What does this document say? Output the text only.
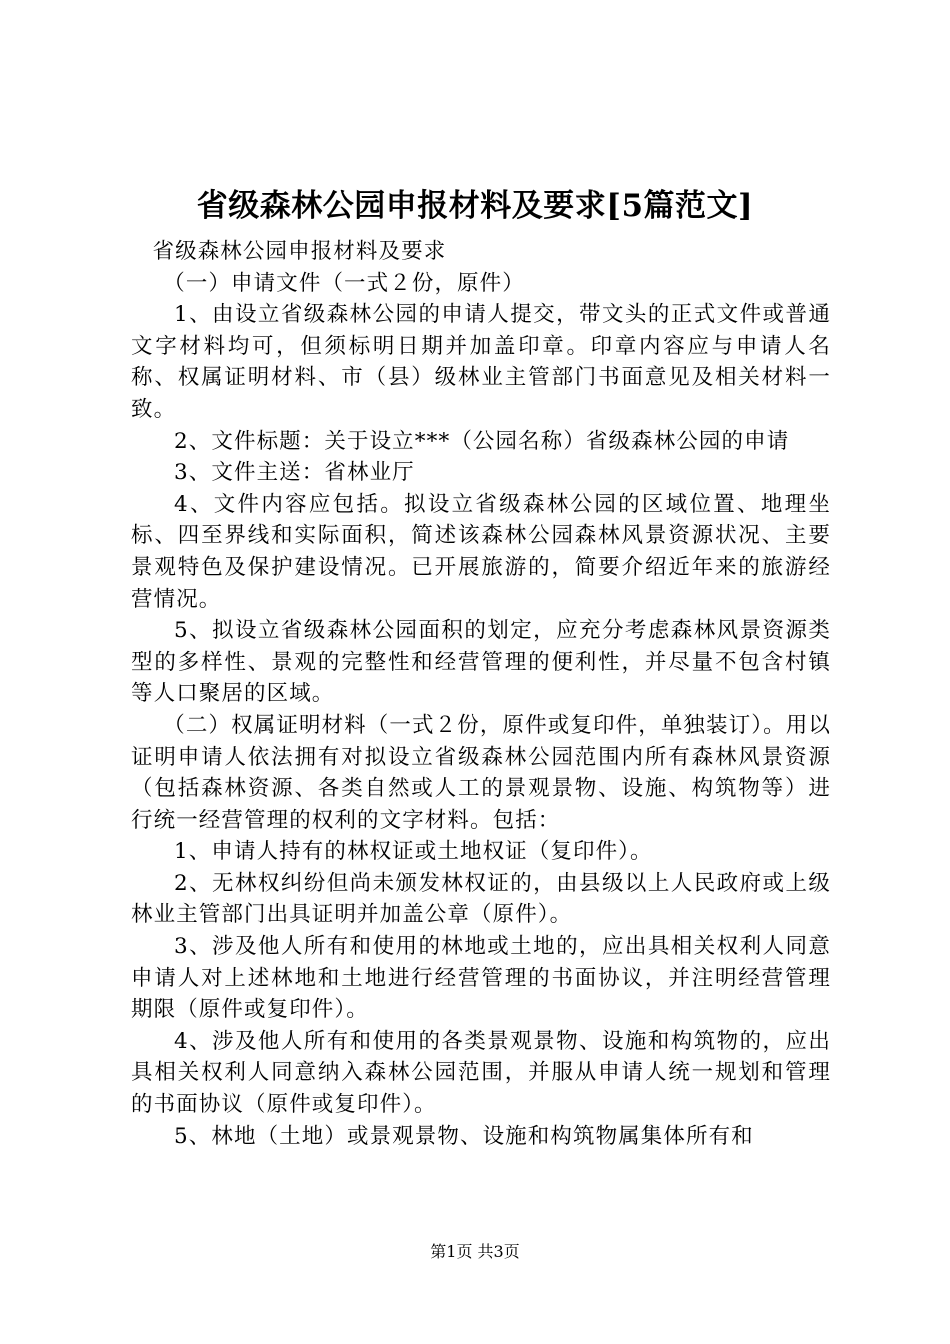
省级森林公园申报材料及要求[5篇范文]

省级森林公园申报材料及要求

（一）申请文件（一式２份，原件）

1、由设立省级森林公园的申请人提交，带文头的正式文件或普通文字材料均可，但须标明日期并加盖印章。印章内容应与申请人名称、权属证明材料、市（县）级林业主管部门书面意见及相关材料一致。

2、文件标题：关于设立***（公园名称）省级森林公园的申请

3、文件主送：省林业厅

4、文件内容应包括。拟设立省级森林公园的区域位置、地理坐标、四至界线和实际面积，简述该森林公园森林风景资源状况、主要景观特色及保护建设情况。已开展旅游的，简要介绍近年来的旅游经营情况。

5、拟设立省级森林公园面积的划定，应充分考虑森林风景资源类型的多样性、景观的完整性和经营管理的便利性，并尽量不包含村镇等人口聚居的区域。

（二）权属证明材料（一式２份，原件或复印件，单独装订）。用以证明申请人依法拥有对拟设立省级森林公园范围内所有森林风景资源（包括森林资源、各类自然或人工的景观景物、设施、构筑物等）进行统一经营管理的权利的文字材料。包括：

1、申请人持有的林权证或土地权证（复印件）。

2、无林权纠纷但尚未颁发林权证的，由县级以上人民政府或上级林业主管部门出具证明并加盖公章（原件）。

3、涉及他人所有和使用的林地或土地的，应出具相关权利人同意申请人对上述林地和土地进行经营管理的书面协议，并注明经营管理期限（原件或复印件）。

4、涉及他人所有和使用的各类景观景物、设施和构筑物的，应出具相关权利人同意纳入森林公园范围，并服从申请人统一规划和管理的书面协议（原件或复印件）。

5、林地（土地）或景观景物、设施和构筑物属集体所有和

第1页 共3页
